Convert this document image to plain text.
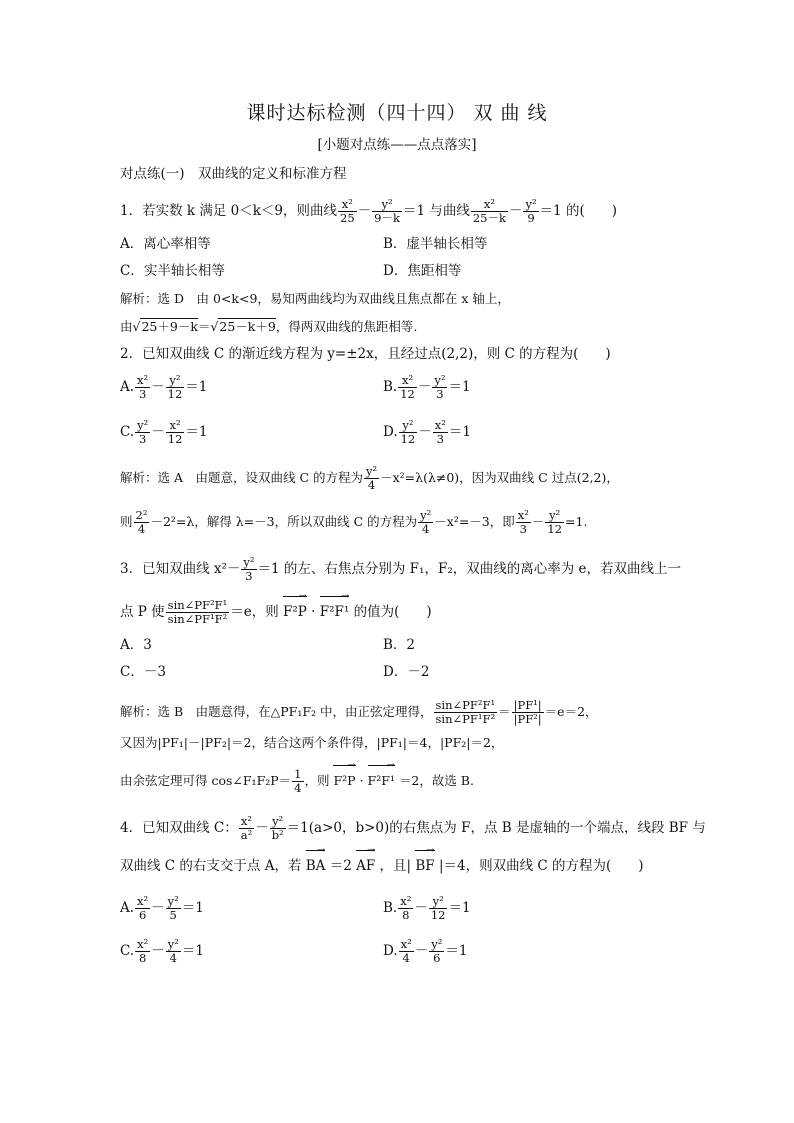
课时达标检测（四十四） 双 曲 线
[小题对点练——点点落实]
对点练(一)　双曲线的定义和标准方程
1．若实数 k 满足 0＜k＜9，则曲线 $\frac{\text{x²}}{25} - \frac{\text{y²}}{9-k} =1$ 与曲线 $\frac{\text{x²}}{25-k} - \frac{\text{y²}}{9} =1$ 的(　　)
A．离心率相等	B．虚半轴长相等
C．实半轴长相等	D．焦距相等
解析：选 D　由 0<k<9，易知两曲线均为双曲线且焦点都在 x 轴上，
由√25＋9－k＝√25－k＋9，得两双曲线的焦距相等.
2．已知双曲线 C 的渐近线方程为 y=±2x，且经过点(2,2)，则 C 的方程为(　　)
A. $\frac{\text{x²}}{3} - \frac{\text{y²}}{12} =1$	B. $\frac{\text{x²}}{12} - \frac{\text{y²}}{3} =1$
C. $\frac{\text{y²}}{3} - \frac{\text{x²}}{12} =1$	D. $\frac{\text{y²}}{12} - \frac{\text{x²}}{3} =1$
解析：选 A　由题意，设双曲线 C 的方程为 $\frac{\text{y²}}{4} -x^2=\lambda(\lambda\ne 0)$，因为双曲线 C 过点(2,2)，
则 $\frac{\text{2²}}{4} -2^2=\lambda$，解得 λ=－3，所以双曲线 C 的方程为 $\frac{\text{y²}}{4} -x^2=-3$，即 $\frac{\text{x²}}{3} - \frac{\text{y²}}{12} =1$.
3．已知双曲线 $x^2- \frac{\text{y²}}{3} =1$ 的左、右焦点分别为 F₁，F₂，双曲线的离心率为 e，若双曲线上一
点 P 使 $\frac{\text{sin∠PF²F¹}}{\text{sin∠PF¹F²}} =e$，则 → F²P · → F²F¹ 的值为(　　)
A．3	B．2
C．－3	D．－2
解析：选 B　由题意得，在△PF₁F₂ 中，由正弦定理得， $\frac{\text{sin∠PF²F¹}}{\text{sin∠PF¹F²}} = \frac{\text{|PF¹|}}{\text{|PF²|}} =e=2$，
又因为|PF₁|－|PF₂|＝2，结合这两个条件得，|PF₁|＝4，|PF₂|＝2，
由余弦定理可得 cos∠F₁F₂P＝ $\frac{1}{4}$ ，则 → F²P · → F²F¹ ＝2，故选 B.
4．已知双曲线 C： $\frac{\text{x²}}{\text{a²}} - \frac{\text{y²}}{\text{b²}} =1(a>0$，b>0)的右焦点为 F，点 B 是虚轴的一个端点，线段 BF 与
双曲线 C 的右支交于点 A，若 → BA ＝2 → AF ，且| → BF |＝4，则双曲线 C 的方程为(　　)
A. $\frac{\text{x²}}{6} - \frac{\text{y²}}{5} =1$	B. $\frac{\text{x²}}{8} - \frac{\text{y²}}{12} =1$
C. $\frac{\text{x²}}{8} - \frac{\text{y²}}{4} =1$	D. $\frac{\text{x²}}{4} - \frac{\text{y²}}{6} =1$
